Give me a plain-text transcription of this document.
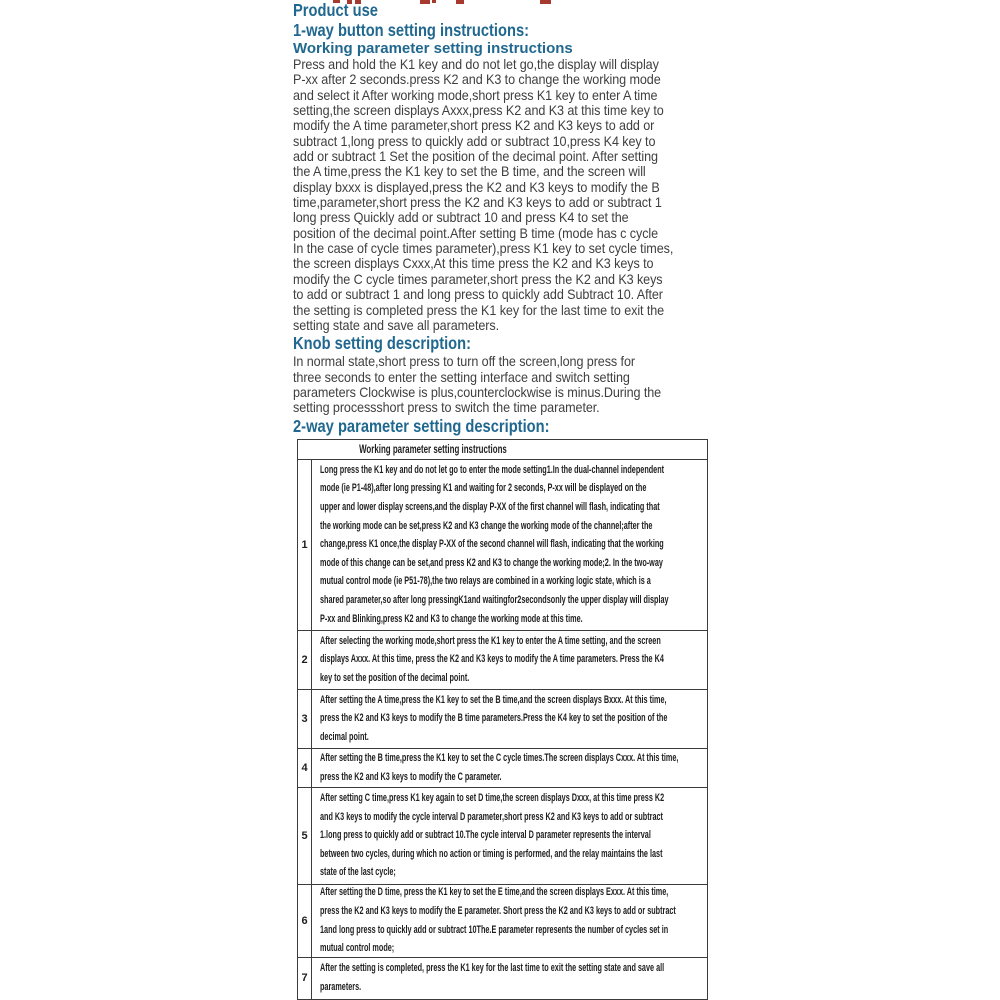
Product use
1-way button setting instructions:
Working parameter setting instructions
Press and hold the K1 key and do not let go,the display will display
P-xx after 2 seconds.press K2 and K3 to change the working mode
and select it After working mode,short press K1 key to enter A time
setting,the screen displays Axxx,press K2 and K3 at this time key to
modify the A time parameter,short press K2 and K3 keys to add or
subtract 1,long press to quickly add or subtract 10,press K4 key to
add or subtract 1 Set the position of the decimal point. After setting
the A time,press the K1 key to set the B time, and the screen will
display bxxx is displayed,press the K2 and K3 keys to modify the B
time,parameter,short press the K2 and K3 keys to add or subtract 1
long press Quickly add or subtract 10 and press K4 to set the
position of the decimal point.After setting B time (mode has c cycle
In the case of cycle times parameter),press K1 key to set cycle times,
the screen displays Cxxx,At this time press the K2 and K3 keys to
modify the C cycle times parameter,short press the K2 and K3 keys
to add or subtract 1 and long press to quickly add Subtract 10. After
the setting is completed press the K1 key for the last time to exit the
setting state and save all parameters.
Knob setting description:
In normal state,short press to turn off the screen,long press for
three seconds to enter the setting interface and switch setting
parameters Clockwise is plus,counterclockwise is minus.During the
setting processshort press to switch the time parameter.
2-way parameter setting description:
Working parameter setting instructions
1
Long press the K1 key and do not let go to enter the mode setting1.In the dual-channel independent
mode (ie P1-48),after long pressing K1 and waiting for 2 seconds, P-xx will be displayed on the
upper and lower display screens,and the display P-XX of the first channel will flash, indicating that
the working mode can be set,press K2 and K3 change the working mode of the channel;after the
change,press K1 once,the display P-XX of the second channel will flash, indicating that the working
mode of this change can be set,and press K2 and K3 to change the working mode;2. In the two-way
mutual control mode (ie P51-78),the two relays are combined in a working logic state, which is a
shared parameter,so after long pressingK1and waitingfor2secondsonly the upper display will display
P-xx and Blinking,press K2 and K3 to change the working mode at this time.
2
After selecting the working mode,short press the K1 key to enter the A time setting, and the screen
displays Axxx. At this time, press the K2 and K3 keys to modify the A time parameters. Press the K4
key to set the position of the decimal point.
3
After setting the A time,press the K1 key to set the B time,and the screen displays Bxxx. At this time,
press the K2 and K3 keys to modify the B time parameters.Press the K4 key to set the position of the
decimal point.
4
After setting the B time,press the K1 key to set the C cycle times.The screen displays Cxxx. At this time,
press the K2 and K3 keys to modify the C parameter.
5
After setting C time,press K1 key again to set D time,the screen displays Dxxx, at this time press K2
and K3 keys to modify the cycle interval D parameter,short press K2 and K3 keys to add or subtract
1.long press to quickly add or subtract 10.The cycle interval D parameter represents the interval
between two cycles, during which no action or timing is performed, and the relay maintains the last
state of the last cycle;
6
After setting the D time, press the K1 key to set the E time,and the screen displays Exxx. At this time,
press the K2 and K3 keys to modify the E parameter. Short press the K2 and K3 keys to add or subtract
1and long press to quickly add or subtract 10The.E parameter represents the number of cycles set in
mutual control mode;
7
After the setting is completed, press the K1 key for the last time to exit the setting state and save all
parameters.
